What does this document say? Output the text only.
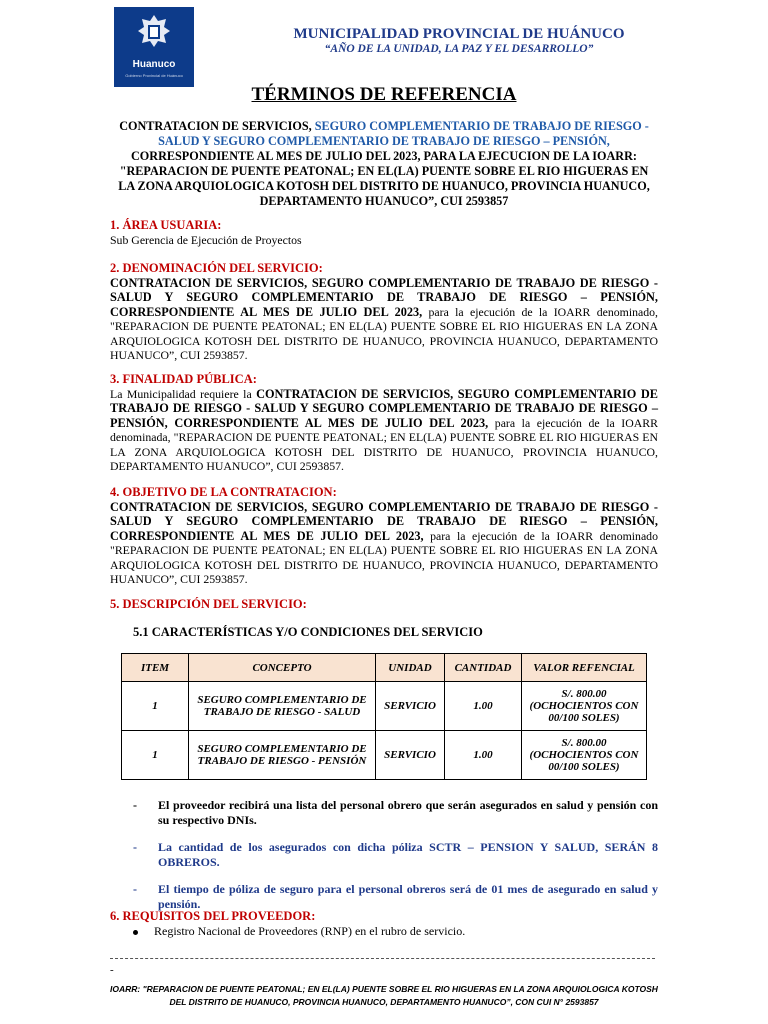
Huanuco
Gobierno Provincial de Huánuco
MUNICIPALIDAD PROVINCIAL DE HUÁNUCO
“AÑO DE LA UNIDAD, LA PAZ Y EL DESARROLLO”
TÉRMINOS DE REFERENCIA
CONTRATACION DE SERVICIOS, SEGURO COMPLEMENTARIO DE TRABAJO DE RIESGO - SALUD Y SEGURO COMPLEMENTARIO DE TRABAJO DE RIESGO – PENSIÓN, CORRESPONDIENTE AL MES DE JULIO DEL 2023, PARA LA EJECUCION DE LA IOARR: "REPARACION DE PUENTE PEATONAL; EN EL(LA) PUENTE SOBRE EL RIO HIGUERAS EN LA ZONA ARQUIOLOGICA KOTOSH DEL DISTRITO DE HUANUCO, PROVINCIA HUANUCO, DEPARTAMENTO HUANUCO”, CUI 2593857
1. ÁREA USUARIA:
Sub Gerencia de Ejecución de Proyectos
2. DENOMINACIÓN DEL SERVICIO:
CONTRATACION DE SERVICIOS, SEGURO COMPLEMENTARIO DE TRABAJO DE RIESGO - SALUD Y SEGURO COMPLEMENTARIO DE TRABAJO DE RIESGO – PENSIÓN, CORRESPONDIENTE AL MES DE JULIO DEL 2023, para la ejecución de la IOARR denominado, "REPARACION DE PUENTE PEATONAL; EN EL(LA) PUENTE SOBRE EL RIO HIGUERAS EN LA ZONA ARQUIOLOGICA KOTOSH DEL DISTRITO DE HUANUCO, PROVINCIA HUANUCO, DEPARTAMENTO HUANUCO”, CUI 2593857.
3. FINALIDAD PÚBLICA:
La Municipalidad requiere la CONTRATACION DE SERVICIOS, SEGURO COMPLEMENTARIO DE TRABAJO DE RIESGO - SALUD Y SEGURO COMPLEMENTARIO DE TRABAJO DE RIESGO – PENSIÓN, CORRESPONDIENTE AL MES DE JULIO DEL 2023, para la ejecución de la IOARR denominada, "REPARACION DE PUENTE PEATONAL; EN EL(LA) PUENTE SOBRE EL RIO HIGUERAS EN LA ZONA ARQUIOLOGICA KOTOSH DEL DISTRITO DE HUANUCO, PROVINCIA HUANUCO, DEPARTAMENTO HUANUCO”, CUI 2593857.
4. OBJETIVO DE LA CONTRATACION:
CONTRATACION DE SERVICIOS, SEGURO COMPLEMENTARIO DE TRABAJO DE RIESGO - SALUD Y SEGURO COMPLEMENTARIO DE TRABAJO DE RIESGO – PENSIÓN, CORRESPONDIENTE AL MES DE JULIO DEL 2023, para la ejecución de la IOARR denominado "REPARACION DE PUENTE PEATONAL; EN EL(LA) PUENTE SOBRE EL RIO HIGUERAS EN LA ZONA ARQUIOLOGICA KOTOSH DEL DISTRITO DE HUANUCO, PROVINCIA HUANUCO, DEPARTAMENTO HUANUCO”, CUI 2593857.
5. DESCRIPCIÓN DEL SERVICIO:
5.1 CARACTERÍSTICAS Y/O CONDICIONES DEL SERVICIO
ITEM	CONCEPTO	UNIDAD	CANTIDAD	VALOR REFENCIAL
1	SEGURO COMPLEMENTARIO DE TRABAJO DE RIESGO - SALUD	SERVICIO	1.00	S/. 800.00 (OCHOCIENTOS CON 00/100 SOLES)
1	SEGURO COMPLEMENTARIO DE TRABAJO DE RIESGO - PENSIÓN	SERVICIO	1.00	S/. 800.00 (OCHOCIENTOS CON 00/100 SOLES)
- El proveedor recibirá una lista del personal obrero que serán asegurados en salud y pensión con su respectivo DNIs.
- La cantidad de los asegurados con dicha póliza SCTR – PENSION Y SALUD, SERÁN 8 OBREROS.
- El tiempo de póliza de seguro para el personal obreros será de 01 mes de asegurado en salud y pensión.
6. REQUISITOS DEL PROVEEDOR:
Registro Nacional de Proveedores (RNP) en el rubro de servicio.
-
IOARR: "REPARACION DE PUENTE PEATONAL; EN EL(LA) PUENTE SOBRE EL RIO HIGUERAS EN LA ZONA ARQUIOLOGICA KOTOSH
DEL DISTRITO DE HUANUCO, PROVINCIA HUANUCO, DEPARTAMENTO HUANUCO”, CON CUI N° 2593857
